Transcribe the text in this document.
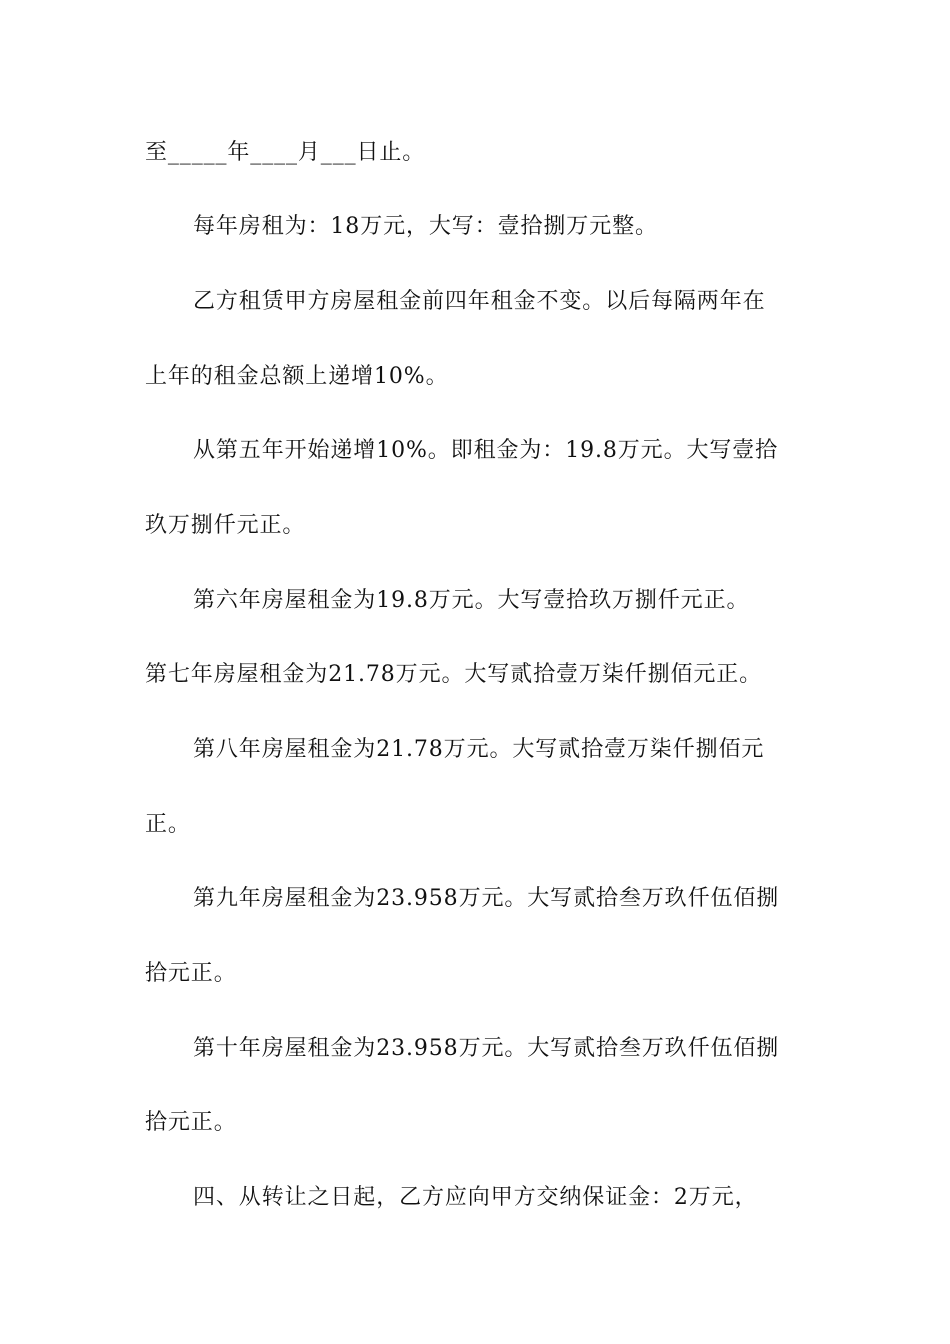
至_____年____月___日止。
每年房租为：18万元，大写：壹拾捌万元整。
乙方租赁甲方房屋租金前四年租金不变。以后每隔两年在
上年的租金总额上递增10%。
从第五年开始递增10%。即租金为：19.8万元。大写壹拾
玖万捌仟元正。
第六年房屋租金为19.8万元。大写壹拾玖万捌仟元正。
第七年房屋租金为21.78万元。大写贰拾壹万柒仟捌佰元正。
第八年房屋租金为21.78万元。大写贰拾壹万柒仟捌佰元
正。
第九年房屋租金为23.958万元。大写贰拾叁万玖仟伍佰捌
拾元正。
第十年房屋租金为23.958万元。大写贰拾叁万玖仟伍佰捌
拾元正。
四、从转让之日起，乙方应向甲方交纳保证金：2万元，
